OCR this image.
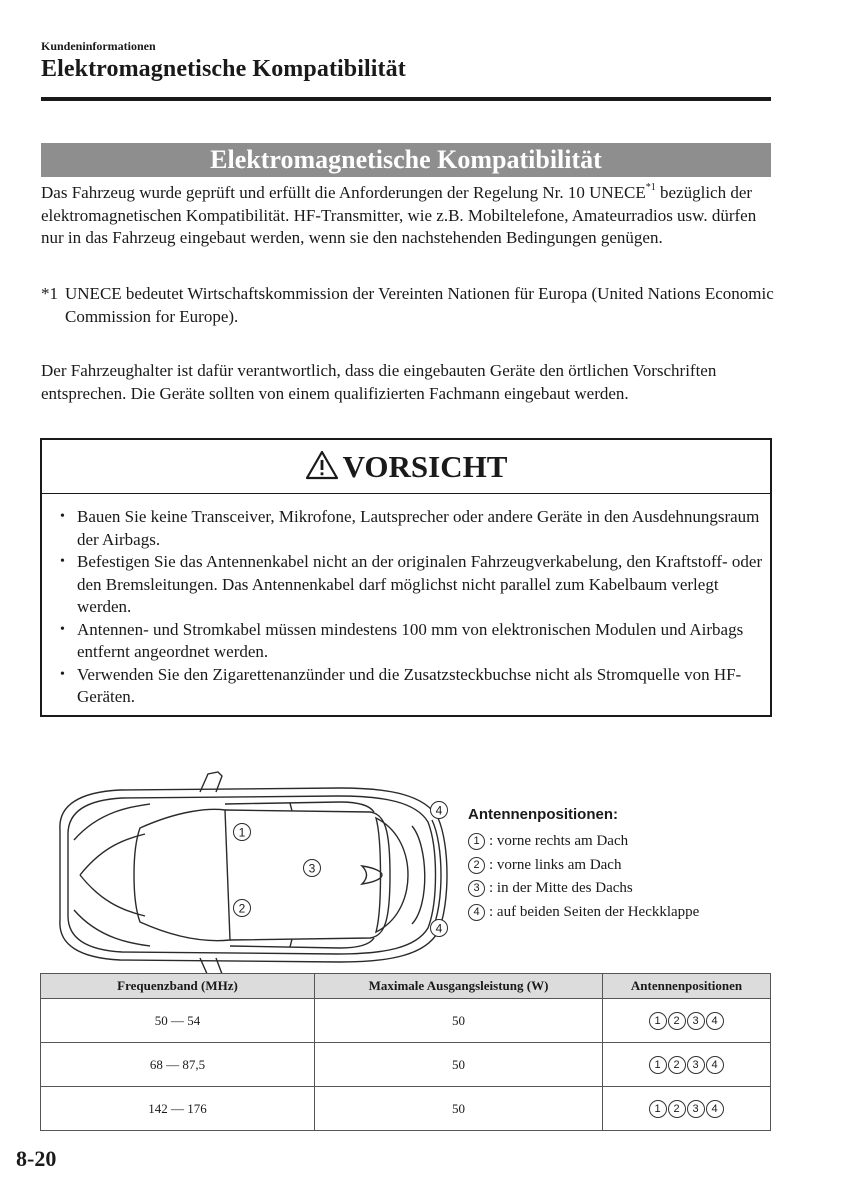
Kundeninformationen
Elektromagnetische Kompatibilität
Elektromagnetische Kompatibilität

Das Fahrzeug wurde geprüft und erfüllt die Anforderungen der Regelung Nr. 10 UNECE$^{*1}$ bezüglich der elektromagnetischen Kompatibilität. HF-Transmitter, wie z.B. Mobiltelefone, Amateurradios usw. dürfen nur in das Fahrzeug eingebaut werden, wenn sie den nachstehenden Bedingungen genügen.

*1 UNECE bedeutet Wirtschaftskommission der Vereinten Nationen für Europa (United Nations Economic Commission for Europe).

Der Fahrzeughalter ist dafür verantwortlich, dass die eingebauten Geräte den örtlichen Vorschriften entsprechen. Die Geräte sollten von einem qualifizierten Fachmann eingebaut werden.

VORSICHT
• Bauen Sie keine Transceiver, Mikrofone, Lautsprecher oder andere Geräte in den Ausdehnungsraum der Airbags.
• Befestigen Sie das Antennenkabel nicht an der originalen Fahrzeugverkabelung, den Kraftstoff- oder den Bremsleitungen. Das Antennenkabel darf möglichst nicht parallel zum Kabelbaum verlegt werden.
• Antennen- und Stromkabel müssen mindestens 100 mm von elektronischen Modulen und Airbags entfernt angeordnet werden.
• Verwenden Sie den Zigarettenanzünder und die Zusatzsteckbuchse nicht als Stromquelle von HF-Geräten.
1
2
3
4
4
Antennenpositionen:
1 : vorne rechts am Dach
2 : vorne links am Dach
3 : in der Mitte des Dachs
4 : auf beiden Seiten der Heckklappe
Frequenzband (MHz)	Maximale Ausgangsleistung (W)	Antennenpositionen
50 — 54	50	1 2 3 4
68 — 87,5	50	1 2 3 4
142 — 176	50	1 2 3 4
8-20
